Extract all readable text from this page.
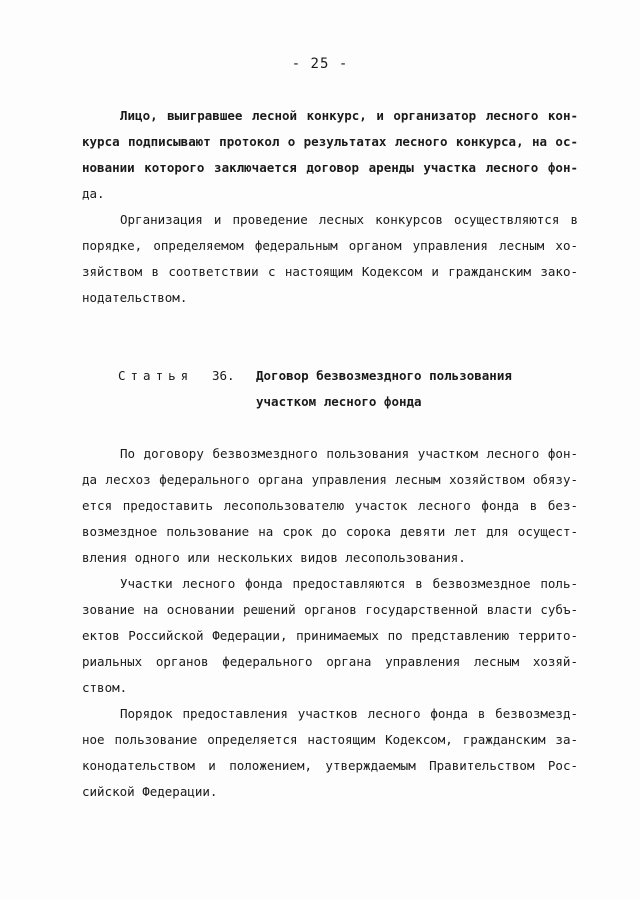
- 25 -
Лицо, выигравшее лесной конкурс, и организатор лесного кон-
курса подписывают протокол о результатах лесного конкурса, на ос-
новании которого заключается договор аренды участка лесного фон-
да.
Организация и проведение лесных конкурсов осуществляются в
порядке, определяемом федеральным органом управления лесным хо-
зяйством в соответствии с настоящим Кодексом и гражданским зако-
нодательством.
Статья 36. Договор безвозмездного пользования
участком лесного фонда
По договору безвозмездного пользования участком лесного фон-
да лесхоз федерального органа управления лесным хозяйством обязу-
ется предоставить лесопользователю участок лесного фонда в без-
возмездное пользование на срок до сорока девяти лет для осущест-
вления одного или нескольких видов лесопользования.
Участки лесного фонда предоставляются в безвозмездное поль-
зование на основании решений органов государственной власти субъ-
ектов Российской Федерации, принимаемых по представлению террито-
риальных органов федерального органа управления лесным хозяй-
ством.
Порядок предоставления участков лесного фонда в безвозмезд-
ное пользование определяется настоящим Кодексом, гражданским за-
конодательством и положением, утверждаемым Правительством Рос-
сийской Федерации.
